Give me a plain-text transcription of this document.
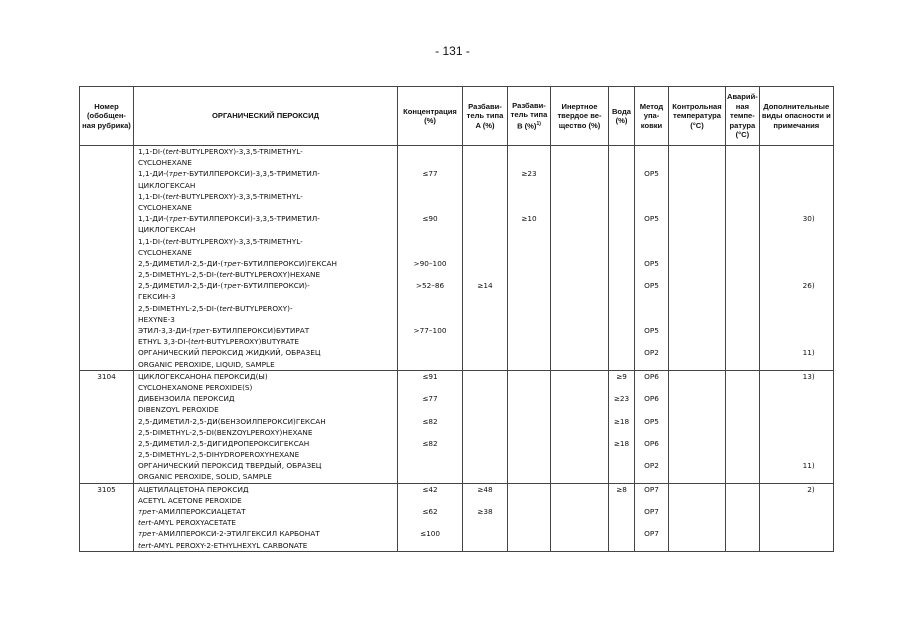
- 131 -
Номер (обобщен-ная рубрика)	ОРГАНИЧЕСКИЙ ПЕРОКСИД	Концентрация (%)	Разбави-тель типа A (%)	Разбави-тель типа B (%)$^{1)}$	Инертное твердое ве-щество (%)	Вода (%)	Метод упа-ковки	Контрольная температура (°C)	Аварий-ная темпе-ратура (°C)	Дополнительные виды опасности и примечания

	1,1-DI-(tert-BUTYLPEROXY)-3,3,5-TRIMETHYL-
CYCLOHEXANE									

	1,1-ДИ-(трет-БУТИЛПЕРОКСИ)-3,3,5-ТРИМЕТИЛ-
ЦИКЛОГЕКСАН	≤77		≥23			OP5			

	1,1-DI-(tert-BUTYLPEROXY)-3,3,5-TRIMETHYL-
CYCLOHEXANE									

	1,1-ДИ-(трет-БУТИЛПЕРОКСИ)-3,3,5-ТРИМЕТИЛ-
ЦИКЛОГЕКСАН	≤90		≥10			OP5			30)

	1,1-DI-(tert-BUTYLPEROXY)-3,3,5-TRIMETHYL-
CYCLOHEXANE									

	2,5-ДИМЕТИЛ-2,5-ДИ-(трет-БУТИЛПЕРОКСИ)ГЕКСАН
2,5-DIMETHYL-2,5-DI-(tert-BUTYLPEROXY)HEXANE	>90–100					OP5			

	2,5-ДИМЕТИЛ-2,5-ДИ-(трет-БУТИЛПЕРОКСИ)-
ГЕКСИН-3
2,5-DIMETHYL-2,5-DI-(tert-BUTYLPEROXY)-
HEXYNE-3	>52–86	≥14				OP5			26)

	ЭТИЛ-3,3-ДИ-(трет-БУТИЛПЕРОКСИ)БУТИРАТ
ETHYL 3,3-DI-(tert-BUTYLPEROXY)BUTYRATE	>77–100					OP5			

	ОРГАНИЧЕСКИЙ ПЕРОКСИД ЖИДКИЙ, ОБРАЗЕЦ
ORGANIC PEROXIDE, LIQUID, SAMPLE						OP2			11)
3104	ЦИКЛОГЕКСАНОНА ПЕРОКСИД(Ы)
CYCLOHEXANONE PEROXIDE(S)	≤91				≥9	OP6			13)

	ДИБЕНЗОИЛА ПЕРОКСИД
DIBENZOYL PEROXIDE	≤77				≥23	OP6			

	2,5-ДИМЕТИЛ-2,5-ДИ(БЕНЗОИЛПЕРОКСИ)ГЕКСАН
2,5-DIMETHYL-2,5-DI(BENZOYLPEROXY)HEXANE	≤82				≥18	OP5			

	2,5-ДИМЕТИЛ-2,5-ДИГИДРОПЕРОКСИГЕКСАН
2,5-DIMETHYL-2,5-DIHYDROPEROXYHEXANE	≤82				≥18	OP6			

	ОРГАНИЧЕСКИЙ ПЕРОКСИД ТВЕРДЫЙ, ОБРАЗЕЦ
ORGANIC PEROXIDE, SOLID, SAMPLE						OP2			11)
3105	АЦЕТИЛАЦЕТОНА ПЕРОКСИД
ACETYL ACETONE PEROXIDE	≤42	≥48			≥8	OP7			2)

	трет-АМИЛПЕРОКСИАЦЕТАТ
tert-AMYL PEROXYACETATE	≤62	≥38				OP7			

	трет-АМИЛПЕРОКСИ-2-ЭТИЛГЕКСИЛ КАРБОНАТ
tert-AMYL PEROXY-2-ETHYLHEXYL CARBONATE	≤100					OP7			
